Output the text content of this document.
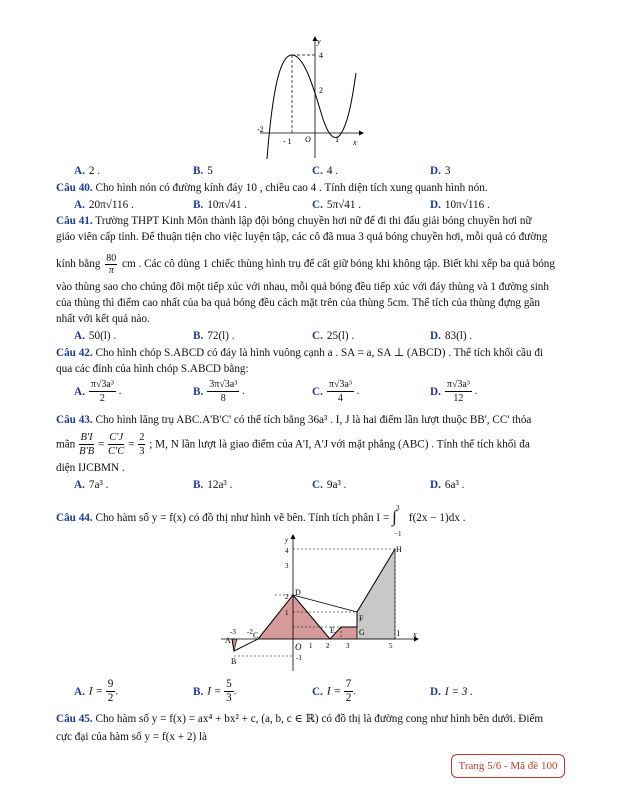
y
x
4
2
-2
- 1 O	1
A. 2 .	B. 5	C. 4 .	D. 3
Câu 40. Cho hình nón có đường kính đáy 10 , chiều cao 4 . Tính diện tích xung quanh hình nón.
A. 20π√116 .	B. 10π√41 .	C. 5π√41 .	D. 10π√116 .
Câu 41. Trường THPT Kinh Môn thành lập đội bóng chuyền hơi nữ để đi thi đấu giải bóng chuyền hơi nữ
giáo viên cấp tỉnh. Để thuận tiện cho việc luyện tập, các cô đã mua 3 quả bóng chuyền hơi, mỗi quả có đường
kính bằng $\frac{80}{\pi}$ cm . Các cô dùng 1 chiếc thùng hình trụ để cất giữ bóng khi không tập. Biết khi xếp ba quả bóng
vào thùng sao cho chúng đôi một tiếp xúc với nhau, mỗi quả bóng đều tiếp xúc với đáy thùng và 1 đường sinh
của thùng thì điểm cao nhất của ba quả bóng đều cách mặt trên của thùng 5cm. Thể tích của thùng đựng gần
nhất với kết quả nào.
A. 50(l) .	B. 72(l) .	C. 25(l) .	D. 83(l) .
Câu 42. Cho hình chóp S.ABCD có đáy là hình vuông cạnh a . SA = a, SA ⊥ (ABCD) . Thể tích khối cầu đi
qua các đỉnh của hình chóp S.ABCD bằng:
A. $\frac{\text{π√3a³}}{2}$ .	B. $\frac{\text{3π√3a³}}{8}$ .	C. $\frac{\text{π√3a³}}{4}$ .	D. $\frac{\text{π√3a³}}{12}$ .
Câu 43. Cho hình lăng trụ ABC.A'B'C' có thể tích bằng 36a³ . I, J là hai điểm lần lượt thuộc BB', CC' thỏa
mãn $\frac{B'I}{B'B} = \frac{C'J}{C'C} = \frac{2}{3}$ ; M, N lần lượt là giao điểm của A'I, A'J với mặt phẳng (ABC) . Tính thể tích khối đa
diện IJCBMN .
A. 7a³ .	B. 12a³ .	C. 9a³ .	D. 6a³ .
Câu 44. Cho hàm số y = f(x) có đồ thị như hình vẽ bên. Tính tích phân I =
3
∫
−1
f(2x − 1)dx .
y
x
O
A
B
C
D
E
F
G
H
I
4
3
2
1
-1
-3 -2
1 2 3	5
A. $I = \frac{9}{2}$ .	B. $I = \frac{5}{3}$ .	C. $I = \frac{7}{2}$ .	D. I = 3 .
Câu 45. Cho hàm số y = f(x) = ax⁴ + bx² + c, (a, b, c ∈ ℝ) có đồ thị là đường cong như hình bên dưới. Điểm
cực đại của hàm số y = f(x + 2) là
Trang 5/6 - Mã đề 100
